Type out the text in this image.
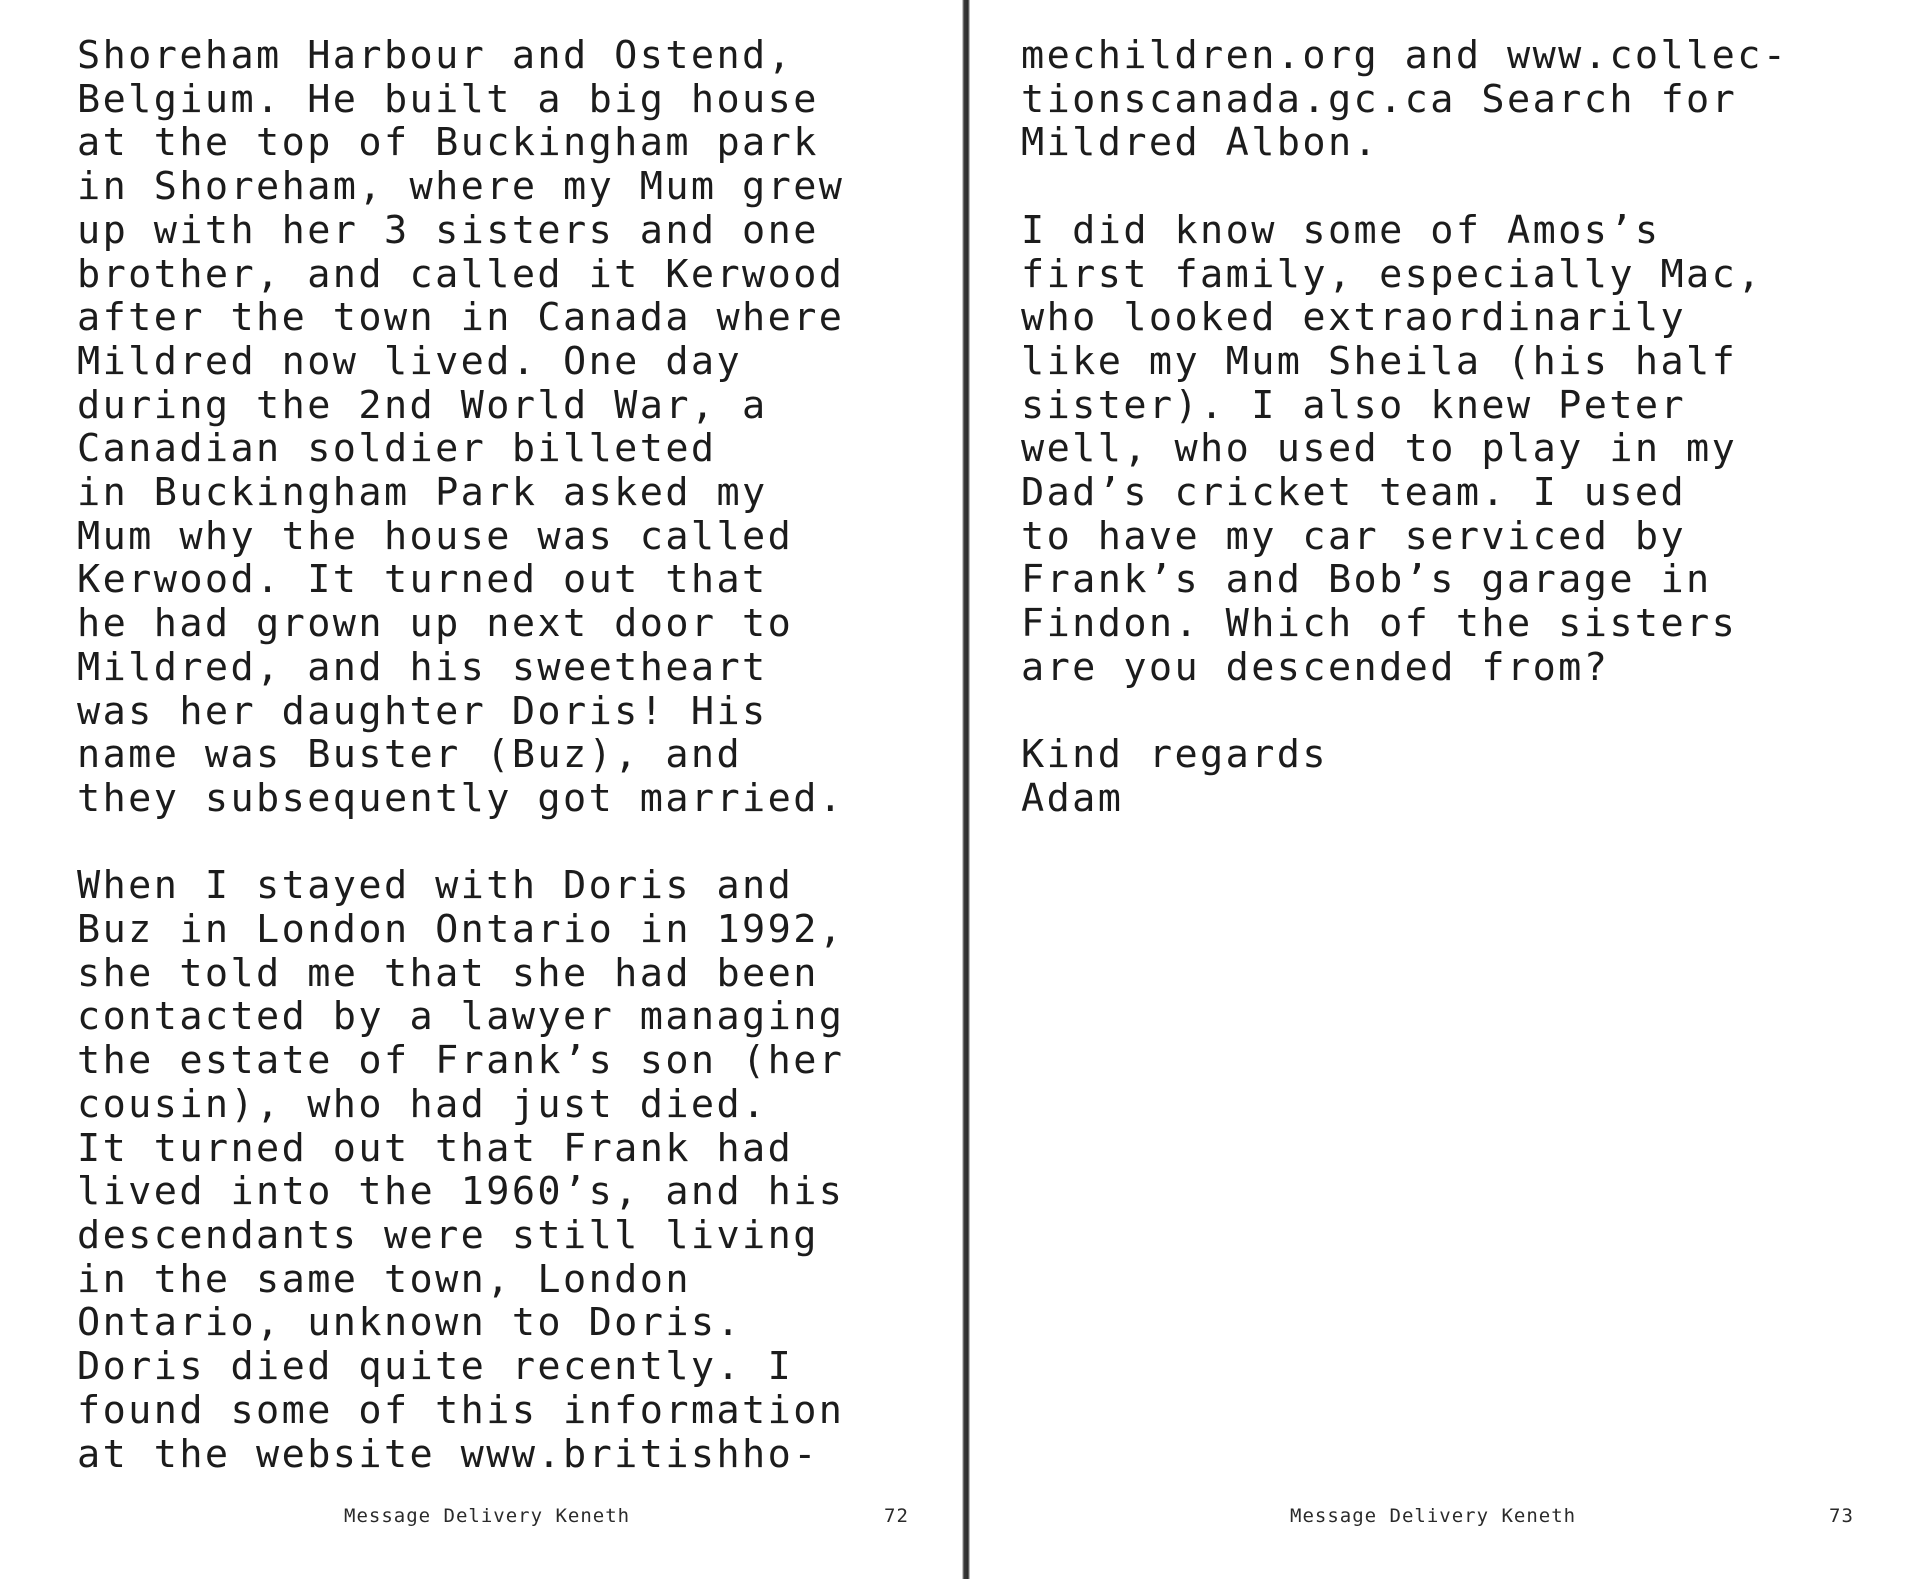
Shoreham Harbour and Ostend,
Belgium. He built a big house
at the top of Buckingham park
in Shoreham, where my Mum grew
up with her 3 sisters and one
brother, and called it Kerwood
after the town in Canada where
Mildred now lived. One day
during the 2nd World War, a
Canadian soldier billeted
in Buckingham Park asked my
Mum why the house was called
Kerwood. It turned out that
he had grown up next door to
Mildred, and his sweetheart
was her daughter Doris! His
name was Buster (Buz), and
they subsequently got married.

When I stayed with Doris and
Buz in London Ontario in 1992,
she told me that she had been
contacted by a lawyer managing
the estate of Frank’s son (her
cousin), who had just died.
It turned out that Frank had
lived into the 1960’s, and his
descendants were still living
in the same town, London
Ontario, unknown to Doris.
Doris died quite recently. I
found some of this information
at the website www.britishho-
Message Delivery Keneth	72
mechildren.org and www.collec-
tionscanada.gc.ca Search for
Mildred Albon.

I did know some of Amos’s
first family, especially Mac,
who looked extraordinarily
like my Mum Sheila (his half
sister). I also knew Peter
well, who used to play in my
Dad’s cricket team. I used
to have my car serviced by
Frank’s and Bob’s garage in
Findon. Which of the sisters
are you descended from?

Kind regards
Adam
Message Delivery Keneth	73
